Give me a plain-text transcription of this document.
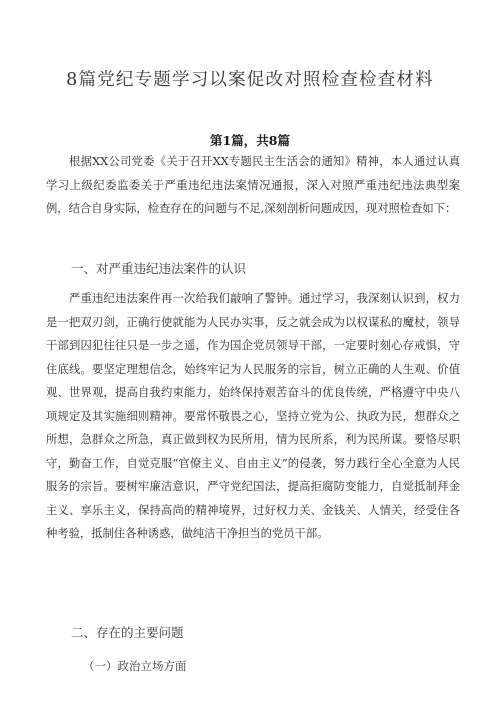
8篇党纪专题学习以案促改对照检查检查材料
第1篇，共8篇

根据XX公司党委《关于召开XX专题民主生活会的通知》精神，本人通过认真学习上级纪委监委关于严重违纪违法案情况通报，深入对照严重违纪违法典型案例，结合自身实际，检查存在的问题与不足,深刻剖析问题成因，现对照检查如下：

一、对严重违纪违法案件的认识

严重违纪违法案件再一次给我们敲响了警钟。通过学习，我深刻认识到，权力是一把双刃剑，正确行使就能为人民办实事，反之就会成为以权谋私的魔杖，领导干部到囚犯往往只是一步之遥，作为国企党员领导干部，一定要时刻心存戒惧，守住底线。要坚定理想信念，始终牢记为人民服务的宗旨，树立正确的人生观、价值观、世界观，提高自我约束能力，始终保持艰苦奋斗的优良传统，严格遵守中央八项规定及其实施细则精神。要常怀敬畏之心，坚持立党为公、执政为民，想群众之所想，急群众之所急，真正做到权为民所用，情为民所系，利为民所谋。要恪尽职守，勤奋工作，自觉克服“官僚主义、自由主义”的侵袭，努力践行全心全意为人民服务的宗旨。要树牢廉洁意识，严守党纪国法，提高拒腐防变能力，自觉抵制拜金主义、享乐主义，保持高尚的精神境界，过好权力关、金钱关、人情关，经受住各种考验，抵制住各种诱惑，做纯洁干净担当的党员干部。

二、存在的主要问题
（一）政治立场方面
